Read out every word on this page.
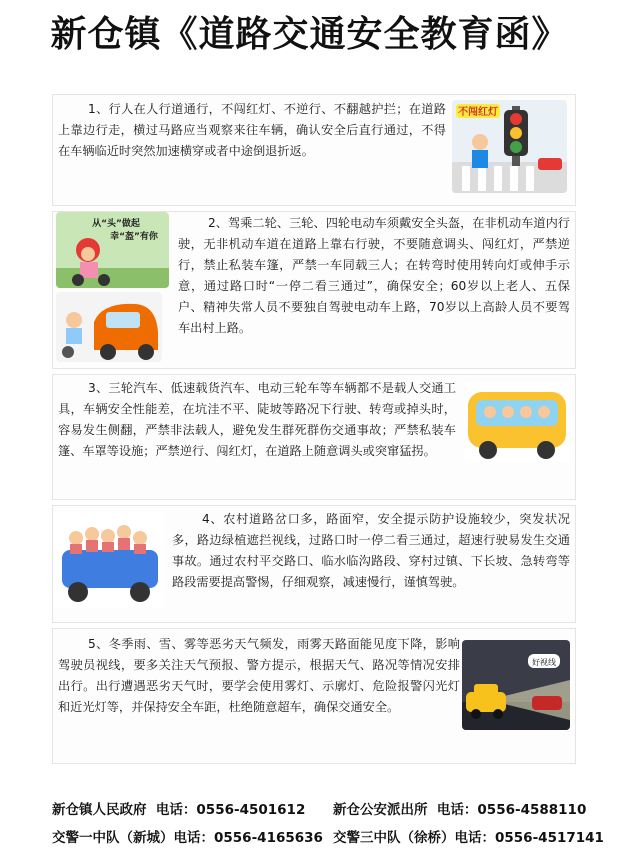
新仓镇《道路交通安全教育函》
1、行人在人行道通行，不闯红灯、不逆行、不翻越护拦；在道路上靠边行走，横过马路应当观察来往车辆，确认安全后直行通过，不得在车辆临近时突然加速横穿或者中途倒退折返。
不闯红灯
从“头”做起
幸“盔”有你
2、驾乘二轮、三轮、四轮电动车须戴安全头盔，在非机动车道内行驶，无非机动车道在道路上靠右行驶，不要随意调头、闯红灯，严禁逆行，禁止私装车篷，严禁一车同载三人；在转弯时使用转向灯或伸手示意，通过路口时“一停二看三通过”，确保安全；60岁以上老人、五保户、精神失常人员不要独自驾驶电动车上路，70岁以上高龄人员不要驾车出村上路。
3、三轮汽车、低速载货汽车、电动三轮车等车辆都不是载人交通工具，车辆安全性能差，在坑洼不平、陡坡等路况下行驶、转弯或掉头时，容易发生侧翻，严禁非法载人，避免发生群死群伤交通事故；严禁私装车篷、车罩等设施；严禁逆行、闯红灯，在道路上随意调头或突窜猛拐。
4、农村道路岔口多，路面窄，安全提示防护设施较少，突发状况多，路边绿植遮拦视线，过路口时一停二看三通过，超速行驶易发生交通事故。通过农村平交路口、临水临沟路段、穿村过镇、下长坡、急转弯等路段需要提高警惕，仔细观察，减速慢行，谨慎驾驶。
5、冬季雨、雪、雾等恶劣天气频发，雨雾天路面能见度下降，影响驾驶员视线，要多关注天气预报、警方提示，根据天气、路况等情况安排出行。出行遭遇恶劣天气时，要学会使用雾灯、示廓灯、危险报警闪光灯和近光灯等，并保持安全车距，杜绝随意超车，确保交通安全。
好视线
新仓镇人民政府 电话：0556-4501612 新仓公安派出所 电话：0556-4588110
交警一中队（新城）电话：0556-4165636 交警三中队（徐桥）电话：0556-4517141
